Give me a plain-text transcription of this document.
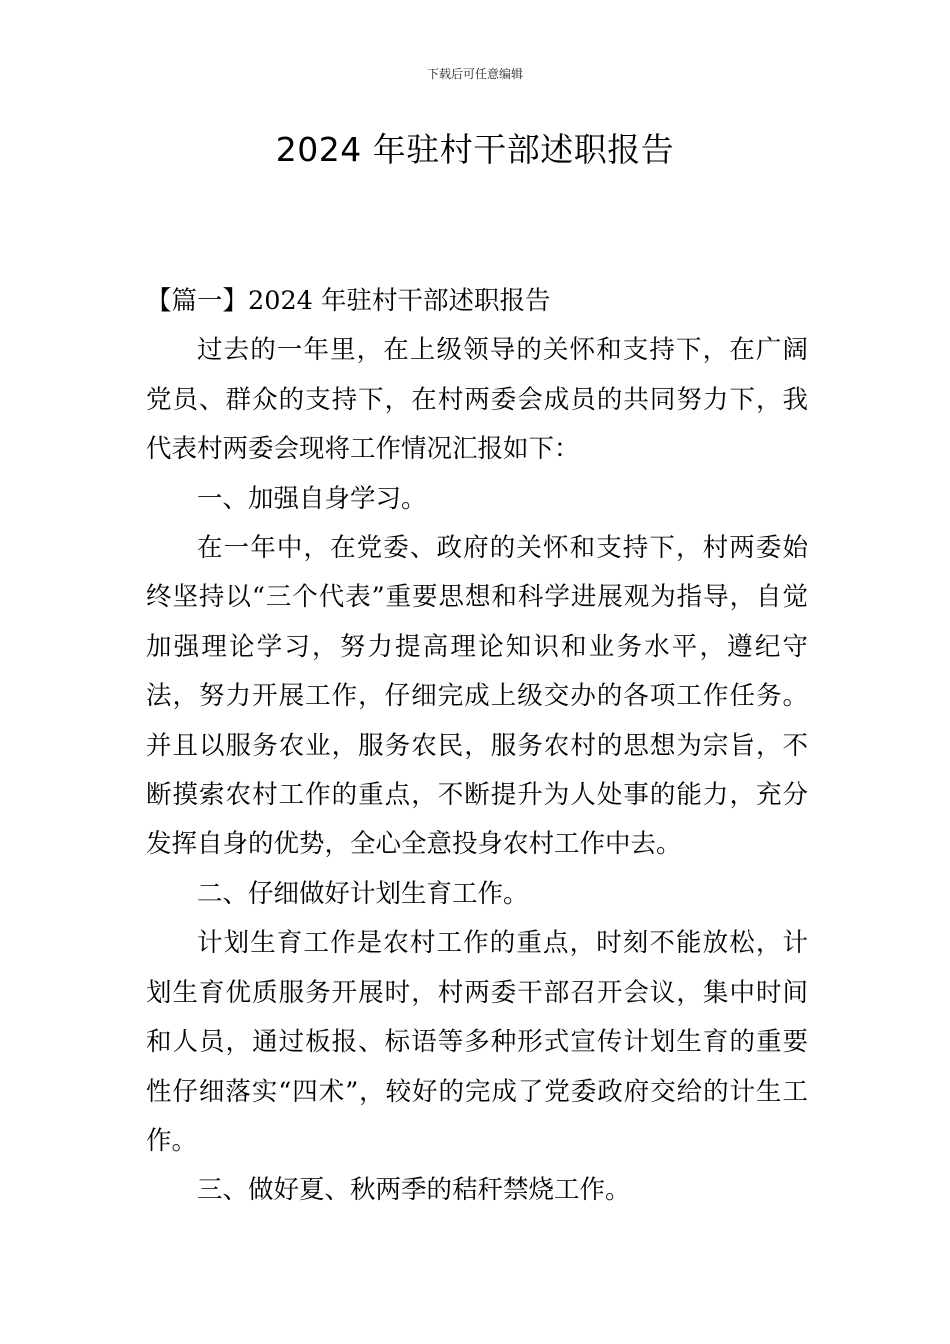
下载后可任意编辑
2024 年驻村干部述职报告

【篇一】2024 年驻村干部述职报告

过去的一年里，在上级领导的关怀和支持下，在广阔党员、群众的支持下，在村两委会成员的共同努力下，我代表村两委会现将工作情况汇报如下：

一、加强自身学习。

在一年中，在党委、政府的关怀和支持下，村两委始终坚持以“三个代表”重要思想和科学进展观为指导，自觉加强理论学习，努力提高理论知识和业务水平，遵纪守法，努力开展工作，仔细完成上级交办的各项工作任务。并且以服务农业，服务农民，服务农村的思想为宗旨，不断摸索农村工作的重点，不断提升为人处事的能力，充分发挥自身的优势，全心全意投身农村工作中去。

二、仔细做好计划生育工作。

计划生育工作是农村工作的重点，时刻不能放松，计划生育优质服务开展时，村两委干部召开会议，集中时间和人员，通过板报、标语等多种形式宣传计划生育的重要性仔细落实“四术”，较好的完成了党委政府交给的计生工作。

三、做好夏、秋两季的秸秆禁烧工作。
